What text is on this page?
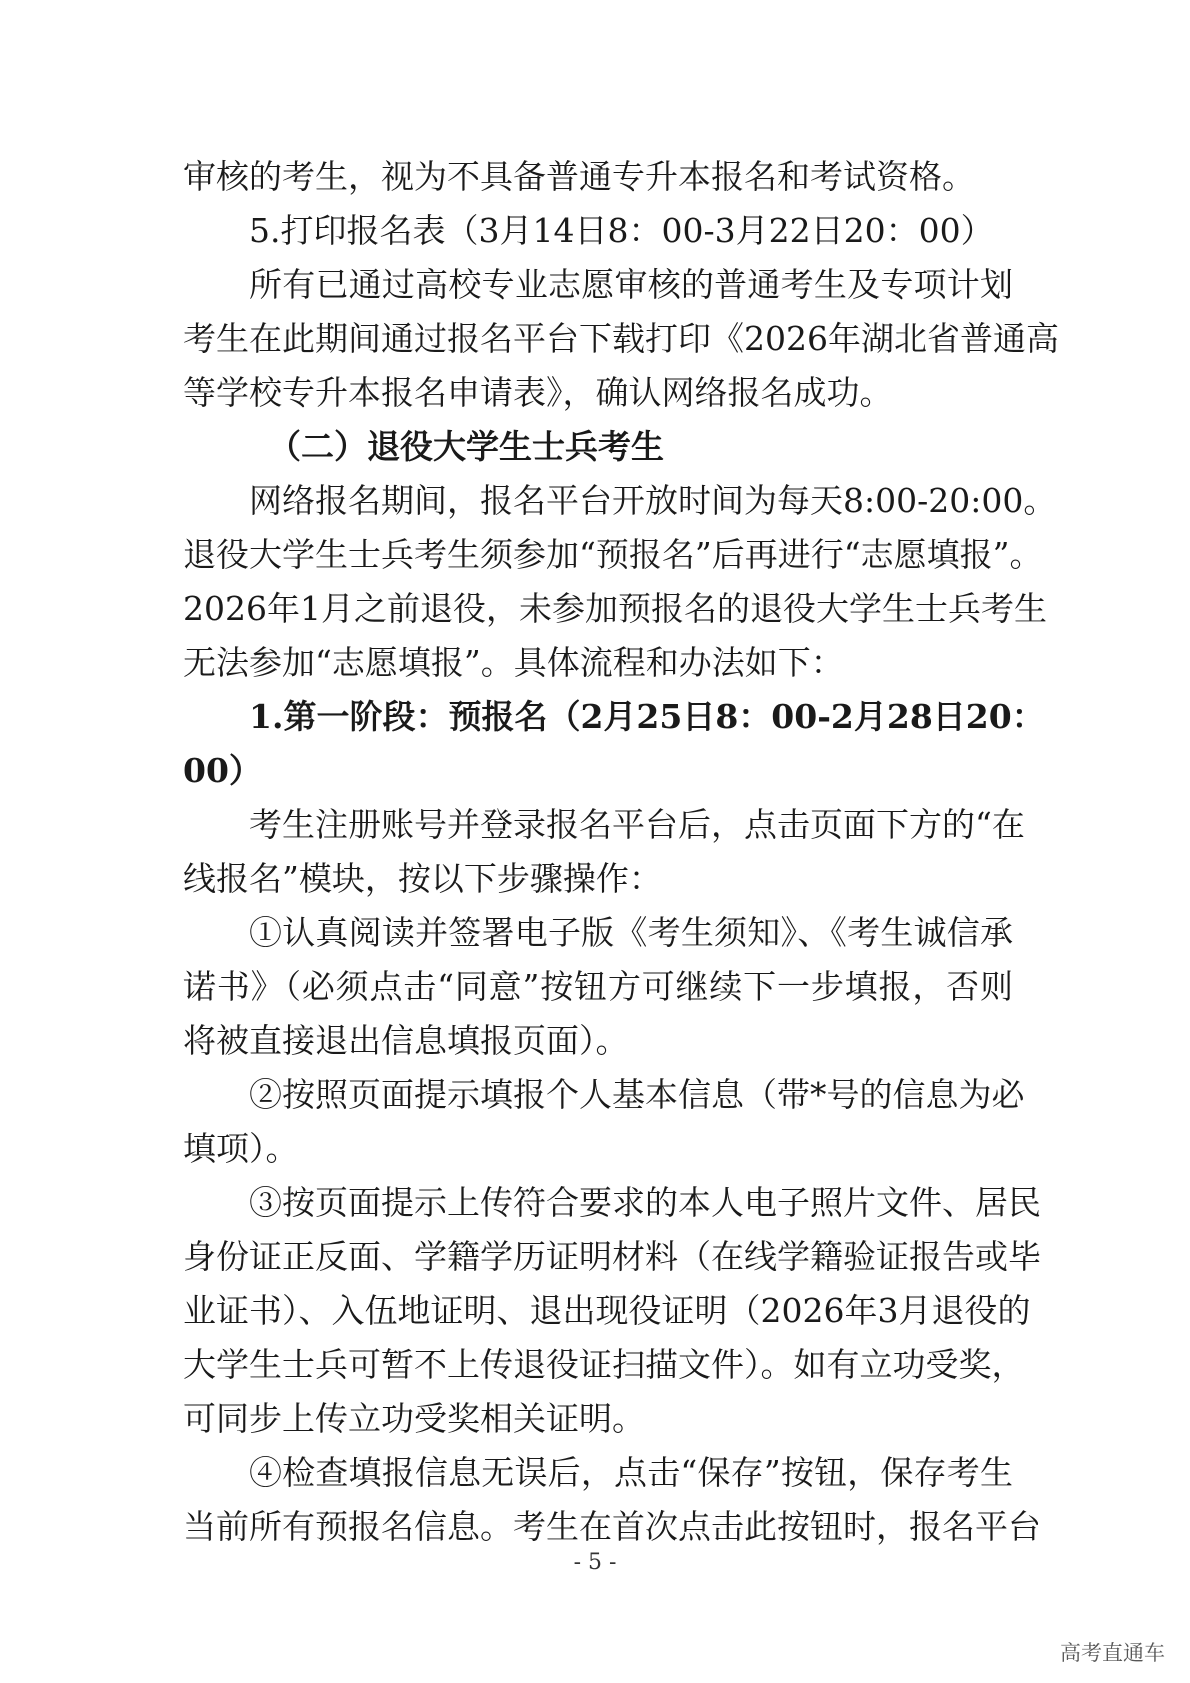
审核的考生，视为不具备普通专升本报名和考试资格。
5.打印报名表（3月14日8：00-3月22日20：00）
所有已通过高校专业志愿审核的普通考生及专项计划
考生在此期间通过报名平台下载打印《2026年湖北省普通高
等学校专升本报名申请表》，确认网络报名成功。
（二）退役大学生士兵考生
网络报名期间，报名平台开放时间为每天8:00-20:00。
退役大学生士兵考生须参加“预报名”后再进行“志愿填报”。
2026年1月之前退役，未参加预报名的退役大学生士兵考生
无法参加“志愿填报”。具体流程和办法如下：
1.第一阶段：预报名（2月25日8：00-2月28日20：
00）
考生注册账号并登录报名平台后，点击页面下方的“在
线报名”模块，按以下步骤操作：
①认真阅读并签署电子版《考生须知》、《考生诚信承
诺书》（必须点击“同意”按钮方可继续下一步填报，否则
将被直接退出信息填报页面）。
②按照页面提示填报个人基本信息（带*号的信息为必
填项）。
③按页面提示上传符合要求的本人电子照片文件、居民
身份证正反面、学籍学历证明材料（在线学籍验证报告或毕
业证书）、入伍地证明、退出现役证明（2026年3月退役的
大学生士兵可暂不上传退役证扫描文件）。如有立功受奖，
可同步上传立功受奖相关证明。
④检查填报信息无误后，点击“保存”按钮，保存考生
当前所有预报名信息。考生在首次点击此按钮时，报名平台
- 5 -
高考直通车
